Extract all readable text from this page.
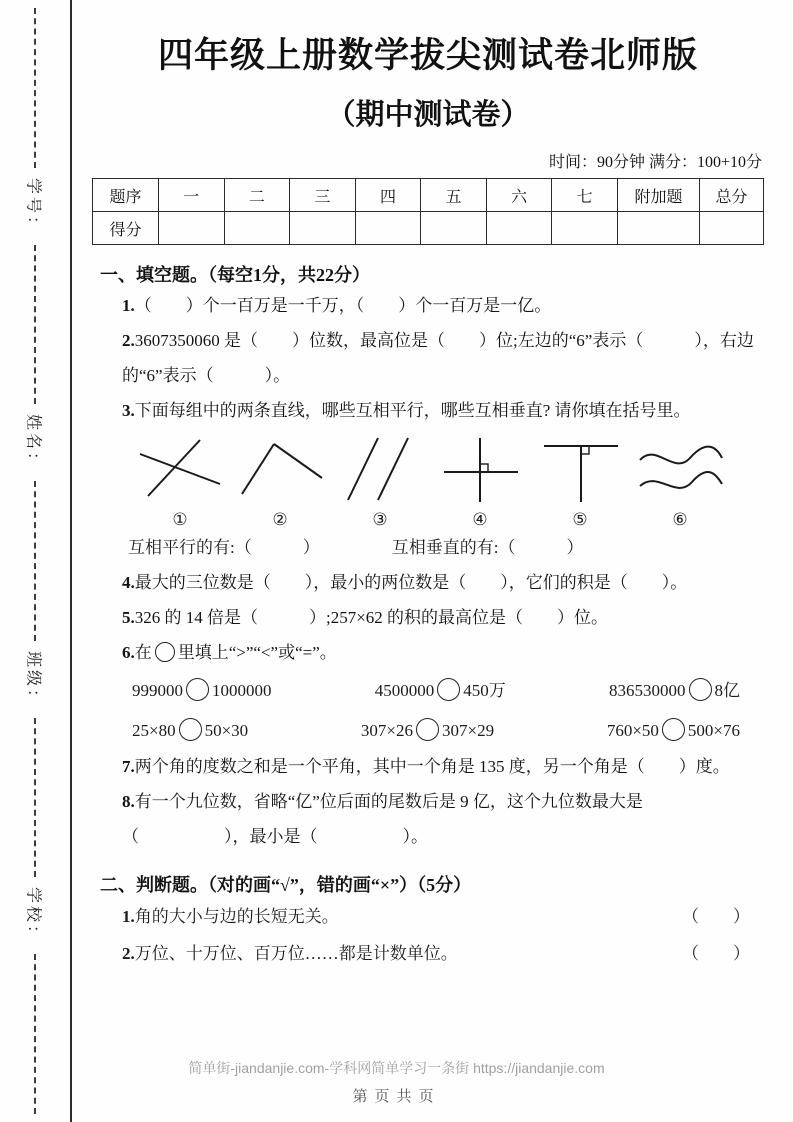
学号：
姓名：
班级：
学校：
四年级上册数学拔尖测试卷北师版
（期中测试卷）
时间：90分钟 满分：100+10分
题序	一	二	三	四	五	六	七	附加题	总分
得分									
一、填空题。（每空1分，共22分）
1.（　　）个一百万是一千万，（　　）个一百万是一亿。
2.3607350060 是（　　）位数，最高位是（　　）位;左边的“6”表示（　　　），右边的“6”表示（　　　）。
3.下面每组中的两条直线，哪些互相平行，哪些互相垂直? 请你填在括号里。
①	②	③	④	⑤	⑥
互相平行的有:（　　　）	互相垂直的有:（　　　）
4.最大的三位数是（　　），最小的两位数是（　　），它们的积是（　　）。
5.326 的 14 倍是（　　　）;257×62 的积的最高位是（　　）位。
6.在 里填上“>”“<”或“=”。
999000 1000000	4500000 450万	836530000 8亿
25×80 50×30	307×26 307×29	760×50 500×76
7.两个角的度数之和是一个平角，其中一个角是 135 度，另一个角是（　　）度。
8.有一个九位数，省略“亿”位后面的尾数后是 9 亿，这个九位数最大是（　　　　　），最小是（　　　　　）。
二、判断题。（对的画“√”，错的画“×”）（5分）
1.角的大小与边的长短无关。	（　　）
2.万位、十万位、百万位……都是计数单位。	（　　）
简单街-jiandanjie.com-学科网简单学习一条街 https://jiandanjie.com
第页共页
